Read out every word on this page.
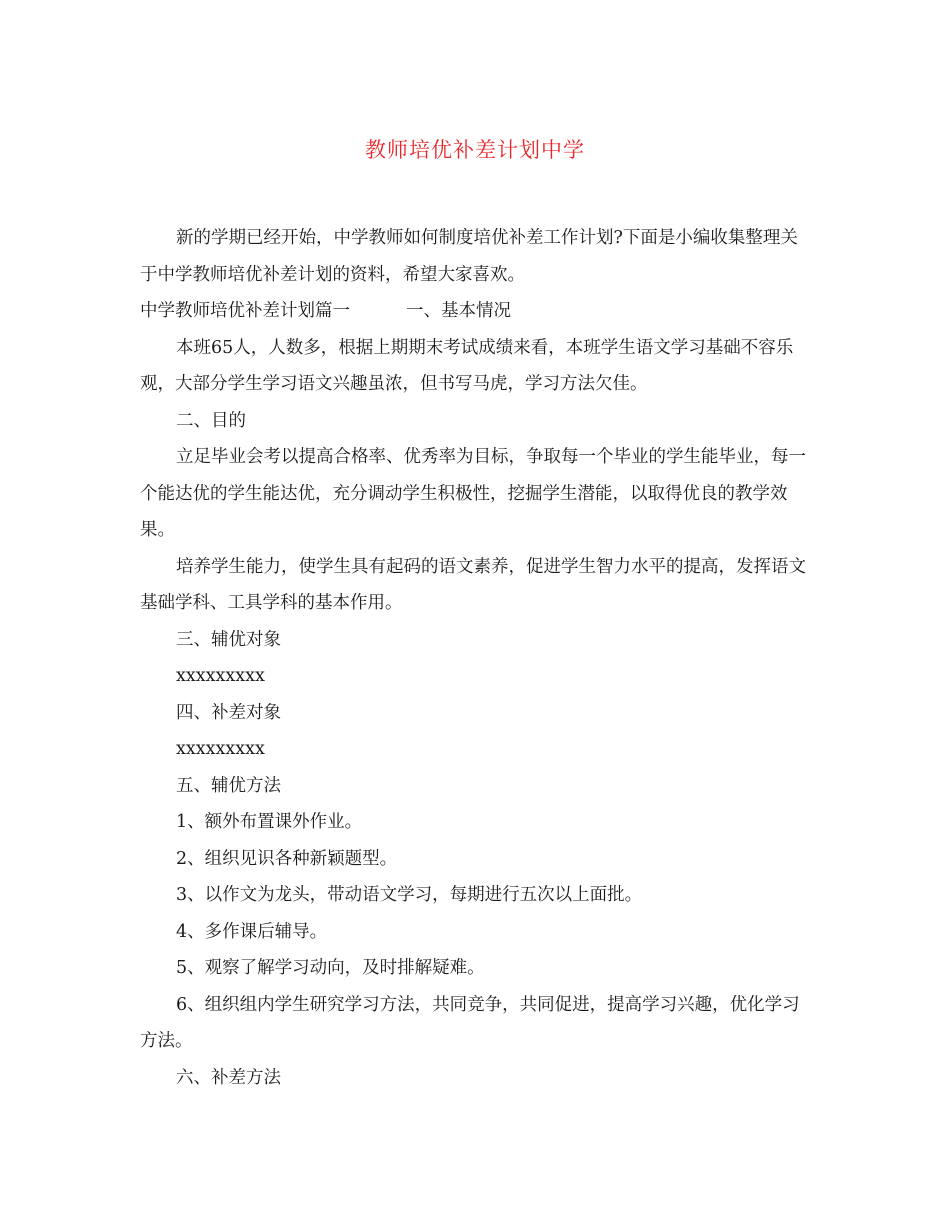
教师培优补差计划中学

新的学期已经开始，中学教师如何制度培优补差工作计划?下面是小编收集整理关于中学教师培优补差计划的资料，希望大家喜欢。

中学教师培优补差计划篇一	一、基本情况

本班65人，人数多，根据上期期末考试成绩来看，本班学生语文学习基础不容乐观，大部分学生学习语文兴趣虽浓，但书写马虎，学习方法欠佳。

二、目的

立足毕业会考以提高合格率、优秀率为目标，争取每一个毕业的学生能毕业，每一个能达优的学生能达优，充分调动学生积极性，挖掘学生潜能，以取得优良的教学效果。

培养学生能力，使学生具有起码的语文素养，促进学生智力水平的提高，发挥语文基础学科、工具学科的基本作用。

三、辅优对象

xxxxxxxxx

四、补差对象

xxxxxxxxx

五、辅优方法

1、额外布置课外作业。

2、组织见识各种新颖题型。

3、以作文为龙头，带动语文学习，每期进行五次以上面批。

4、多作课后辅导。

5、观察了解学习动向，及时排解疑难。

6、组织组内学生研究学习方法，共同竞争，共同促进，提高学习兴趣，优化学习方法。

六、补差方法
